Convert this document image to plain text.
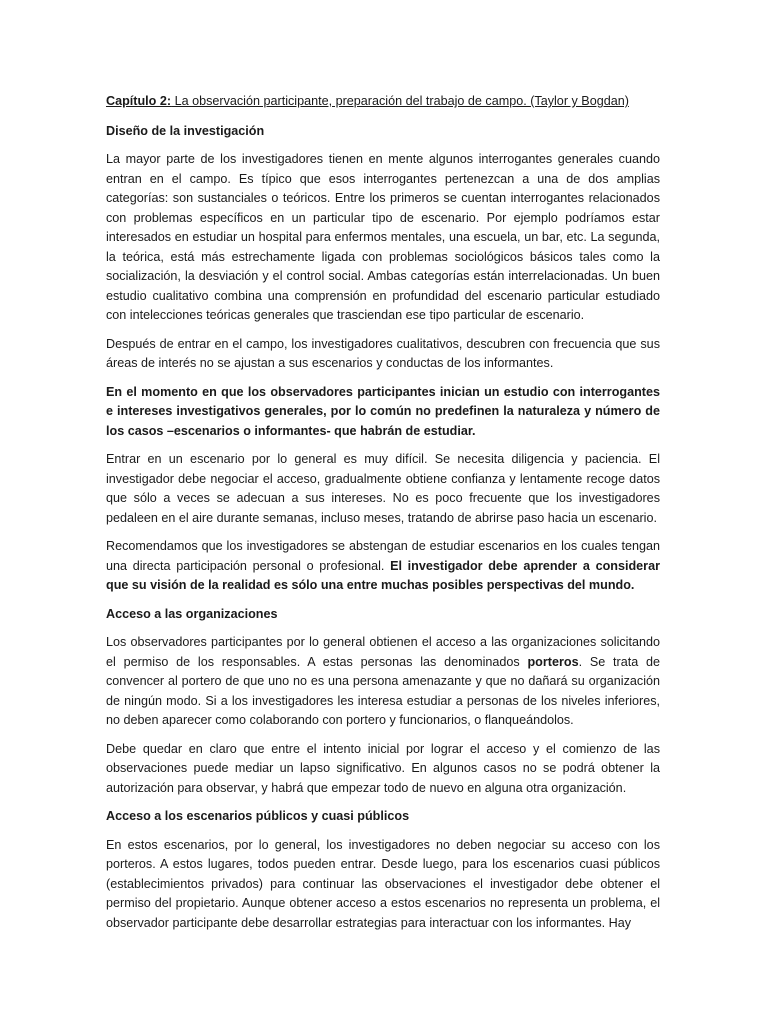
Capítulo 2: La observación participante, preparación del trabajo de campo. (Taylor y Bogdan)
Diseño de la investigación

La mayor parte de los investigadores tienen en mente algunos interrogantes generales cuando entran en el campo. Es típico que esos interrogantes pertenezcan a una de dos amplias categorías: son sustanciales o teóricos. Entre los primeros se cuentan interrogantes relacionados con problemas específicos en un particular tipo de escenario. Por ejemplo podríamos estar interesados en estudiar un hospital para enfermos mentales, una escuela, un bar, etc. La segunda, la teórica, está más estrechamente ligada con problemas sociológicos básicos tales como la socialización, la desviación y el control social. Ambas categorías están interrelacionadas. Un buen estudio cualitativo combina una comprensión en profundidad del escenario particular estudiado con intelecciones teóricas generales que trasciendan ese tipo particular de escenario.

Después de entrar en el campo, los investigadores cualitativos, descubren con frecuencia que sus áreas de interés no se ajustan a sus escenarios y conductas de los informantes.

En el momento en que los observadores participantes inician un estudio con interrogantes e intereses investigativos generales, por lo común no predefinen la naturaleza y número de los casos –escenarios o informantes- que habrán de estudiar.

Entrar en un escenario por lo general es muy difícil. Se necesita diligencia y paciencia. El investigador debe negociar el acceso, gradualmente obtiene confianza y lentamente recoge datos que sólo a veces se adecuan a sus intereses. No es poco frecuente que los investigadores pedaleen en el aire durante semanas, incluso meses, tratando de abrirse paso hacia un escenario.

Recomendamos que los investigadores se abstengan de estudiar escenarios en los cuales tengan una directa participación personal o profesional. El investigador debe aprender a considerar que su visión de la realidad es sólo una entre muchas posibles perspectivas del mundo.

Acceso a las organizaciones

Los observadores participantes por lo general obtienen el acceso a las organizaciones solicitando el permiso de los responsables. A estas personas las denominados porteros. Se trata de convencer al portero de que uno no es una persona amenazante y que no dañará su organización de ningún modo. Si a los investigadores les interesa estudiar a personas de los niveles inferiores, no deben aparecer como colaborando con portero y funcionarios, o flanqueándolos.

Debe quedar en claro que entre el intento inicial por lograr el acceso y el comienzo de las observaciones puede mediar un lapso significativo. En algunos casos no se podrá obtener la autorización para observar, y habrá que empezar todo de nuevo en alguna otra organización.

Acceso a los escenarios públicos y cuasi públicos

En estos escenarios, por lo general, los investigadores no deben negociar su acceso con los porteros. A estos lugares, todos pueden entrar. Desde luego, para los escenarios cuasi públicos (establecimientos privados) para continuar las observaciones el investigador debe obtener el permiso del propietario. Aunque obtener acceso a estos escenarios no representa un problema, el observador participante debe desarrollar estrategias para interactuar con los informantes. Hay
